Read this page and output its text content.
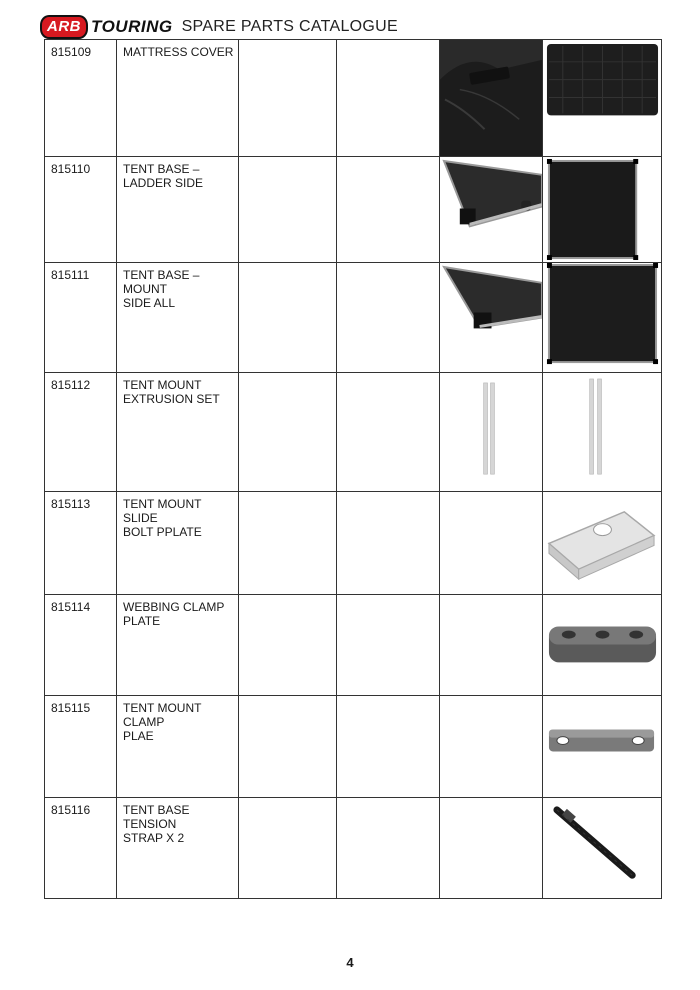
ARB TOURING SPARE PARTS CATALOGUE
815109	MATTRESS COVER			

815110	TENT BASE –
LADDER SIDE			

815111	TENT BASE – MOUNT
SIDE ALL			

815112	TENT MOUNT
EXTRUSION SET			

815113	TENT MOUNT SLIDE
BOLT PPLATE				

815114	WEBBING CLAMP
PLATE				

815115	TENT MOUNT CLAMP
PLAE				

815116	TENT BASE
TENSION
STRAP X 2				
4
